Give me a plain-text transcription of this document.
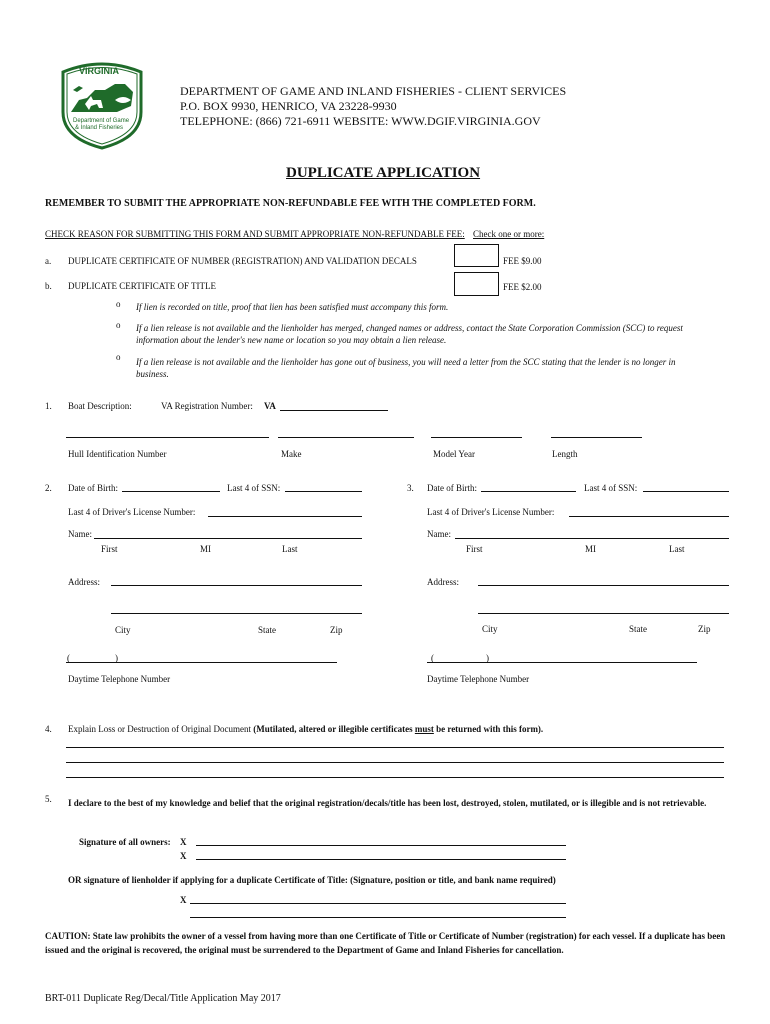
VIRGINIA
Department of Game
& Inland Fisheries
DEPARTMENT OF GAME AND INLAND FISHERIES - CLIENT SERVICES
P.O. BOX 9930, HENRICO, VA 23228-9930
TELEPHONE: (866) 721-6911 WEBSITE: WWW.DGIF.VIRGINIA.GOV
DUPLICATE APPLICATION
REMEMBER TO SUBMIT THE APPROPRIATE NON-REFUNDABLE FEE WITH THE COMPLETED FORM.
CHECK REASON FOR SUBMITTING THIS FORM AND SUBMIT APPROPRIATE NON-REFUNDABLE FEE: Check one or more:
a. DUPLICATE CERTIFICATE OF NUMBER (REGISTRATION) AND VALIDATION DECALS	FEE $9.00
b. DUPLICATE CERTIFICATE OF TITLE	FEE $2.00
o If lien is recorded on title, proof that lien has been satisfied must accompany this form.
o If a lien release is not available and the lienholder has merged, changed names or address, contact the State Corporation Commission (SCC) to request information about the lender's new name or location so you may obtain a lien release.
o If a lien release is not available and the lienholder has gone out of business, you will need a letter from the SCC stating that the lender is no longer in business.
1. Boat Description:	VA Registration Number: VA
Hull Identification Number	Make	Model Year	Length
2. Date of Birth:	Last 4 of SSN:
Last 4 of Driver's License Number:
Name:
First	MI	Last
Address:
City	State	Zip
(	)
Daytime Telephone Number
3. Date of Birth:	Last 4 of SSN:
Last 4 of Driver's License Number:
Name:
First	MI	Last
Address:
City	State	Zip
(	)
Daytime Telephone Number
4. Explain Loss or Destruction of Original Document (Mutilated, altered or illegible certificates must be returned with this form).
5. I declare to the best of my knowledge and belief that the original registration/decals/title has been lost, destroyed, stolen, mutilated, or is illegible and is not retrievable.
Signature of all owners: X
X
OR signature of lienholder if applying for a duplicate Certificate of Title: (Signature, position or title, and bank name required)
X
CAUTION: State law prohibits the owner of a vessel from having more than one Certificate of Title or Certificate of Number (registration) for each vessel. If a duplicate has been issued and the original is recovered, the original must be surrendered to the Department of Game and Inland Fisheries for cancellation.
BRT-011 Duplicate Reg/Decal/Title Application May 2017
